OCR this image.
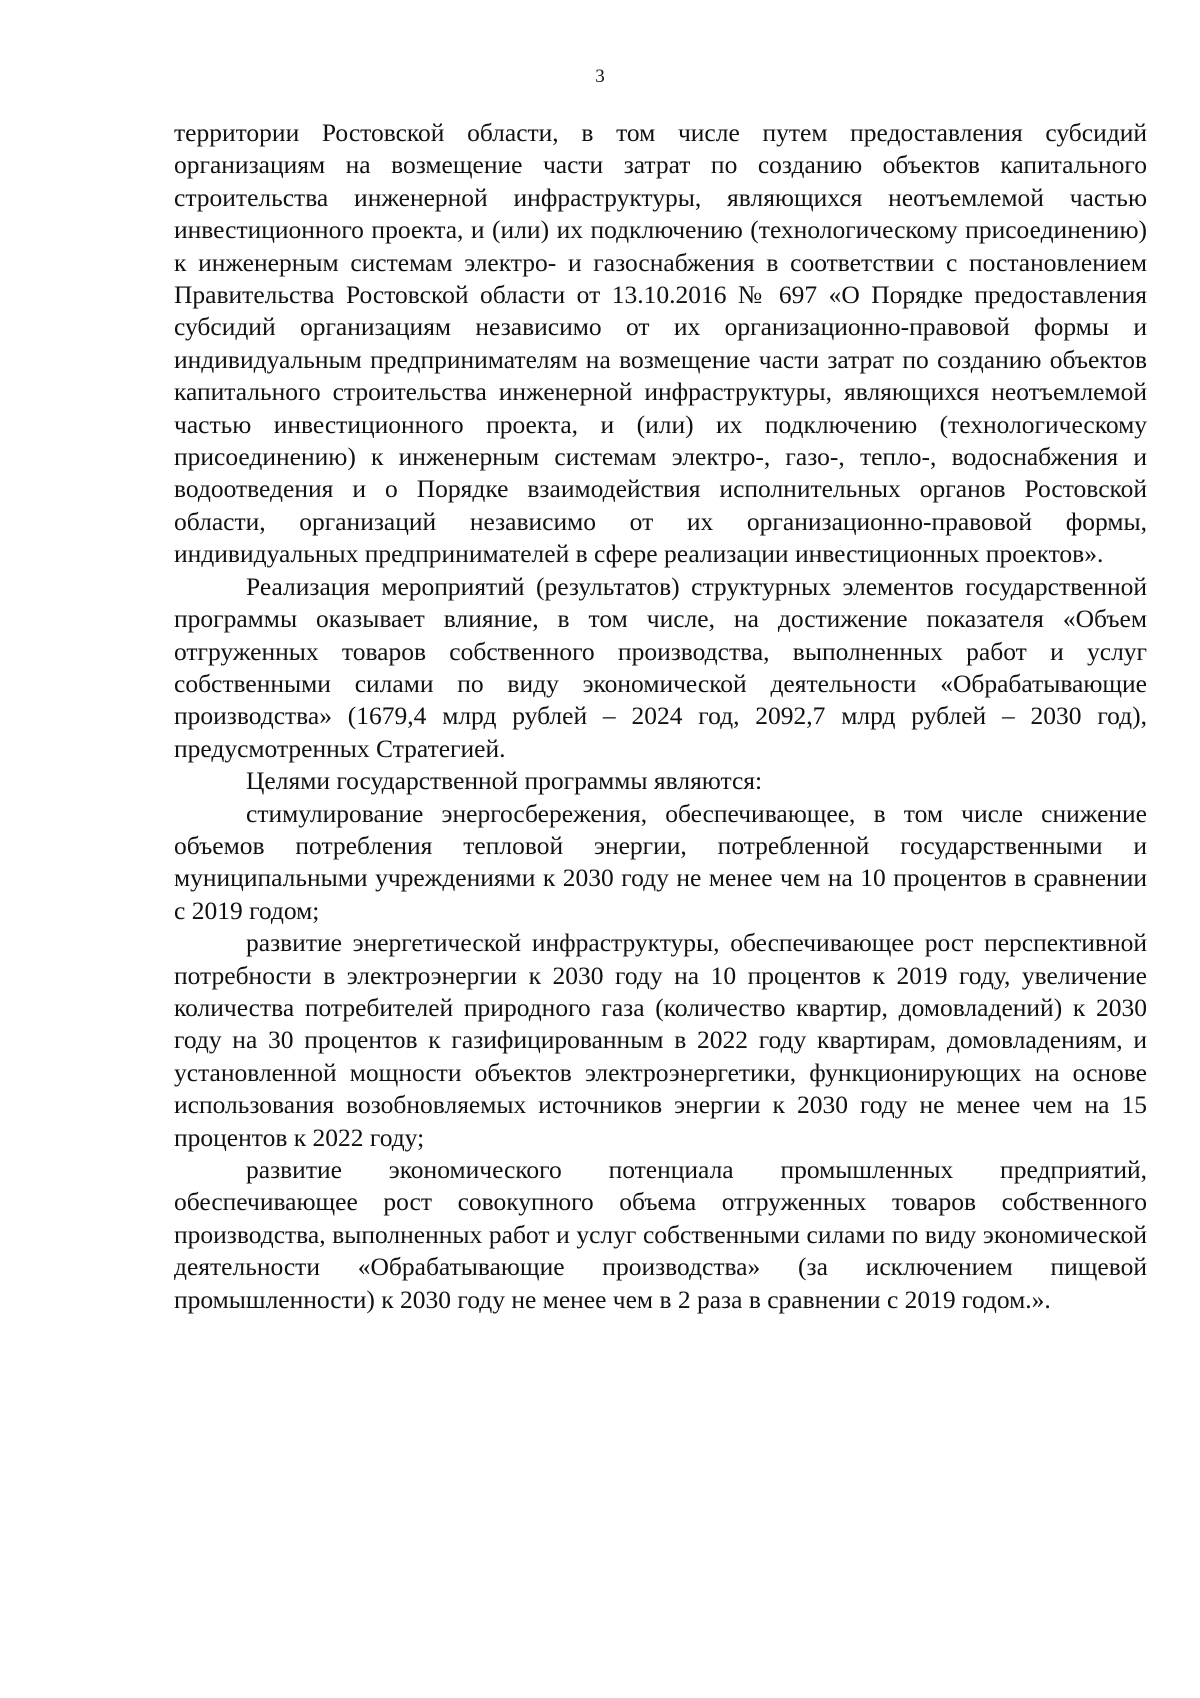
3

территории Ростовской области, в том числе путем предоставления субсидий организациям на возмещение части затрат по созданию объектов капитального строительства инженерной инфраструктуры, являющихся неотъемлемой частью инвестиционного проекта, и (или) их подключению (технологическому присоединению) к инженерным системам электро- и газоснабжения в соответствии с постановлением Правительства Ростовской области от 13.10.2016 № 697 «О Порядке предоставления субсидий организациям независимо от их организационно-правовой формы и индивидуальным предпринимателям на возмещение части затрат по созданию объектов капитального строительства инженерной инфраструктуры, являющихся неотъемлемой частью инвестиционного проекта, и (или) их подключению (технологическому присоединению) к инженерным системам электро-, газо-, тепло-, водоснабжения и водоотведения и о Порядке взаимодействия исполнительных органов Ростовской области, организаций независимо от их организационно-правовой формы, индивидуальных предпринимателей в сфере реализации инвестиционных проектов».

Реализация мероприятий (результатов) структурных элементов государственной программы оказывает влияние, в том числе, на достижение показателя «Объем отгруженных товаров собственного производства, выполненных работ и услуг собственными силами по виду экономической деятельности «Обрабатывающие производства» (1679,4 млрд рублей – 2024 год, 2092,7 млрд рублей – 2030 год), предусмотренных Стратегией.

Целями государственной программы являются:

стимулирование энергосбережения, обеспечивающее, в том числе снижение объемов потребления тепловой энергии, потребленной государственными и муниципальными учреждениями к 2030 году не менее чем на 10 процентов в сравнении с 2019 годом;

развитие энергетической инфраструктуры, обеспечивающее рост перспективной потребности в электроэнергии к 2030 году на 10 процентов к 2019 году, увеличение количества потребителей природного газа (количество квартир, домовладений) к 2030 году на 30 процентов к газифицированным в 2022 году квартирам, домовладениям, и установленной мощности объектов электроэнергетики, функционирующих на основе использования возобновляемых источников энергии к 2030 году не менее чем на 15 процентов к 2022 году;

развитие экономического потенциала промышленных предприятий, обеспечивающее рост совокупного объема отгруженных товаров собственного производства, выполненных работ и услуг собственными силами по виду экономической деятельности «Обрабатывающие производства» (за исключением пищевой промышленности) к 2030 году не менее чем в 2 раза в сравнении с 2019 годом.».
